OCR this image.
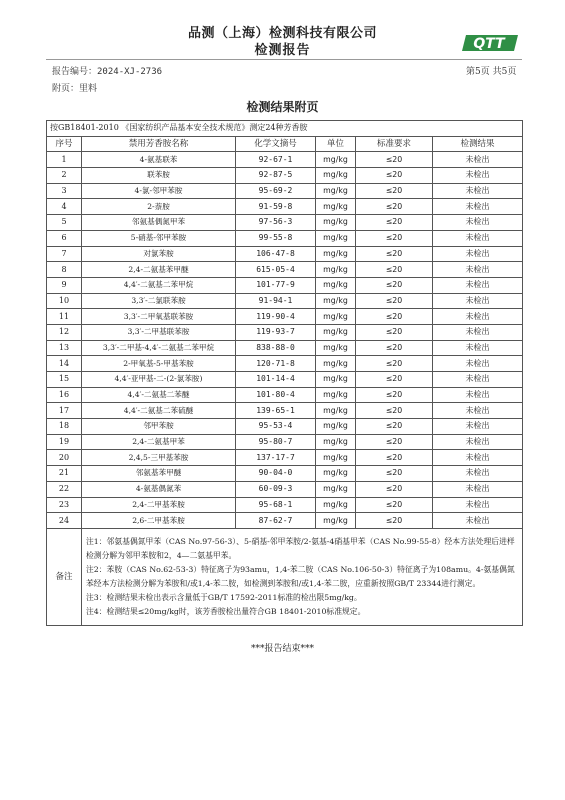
品测（上海）检测科技有限公司
检测报告	QTT
报告编号：2024-XJ-2736	第5页 共5页
附页：里料
检测结果附页
按GB18401-2010 《国家纺织产品基本安全技术规范》测定24种芳香胺					
序号	禁用芳香胺名称	化学文摘号	单位	标准要求	检测结果
1	4-氨基联苯	92-67-1	mg/kg	≤20	未检出
2	联苯胺	92-87-5	mg/kg	≤20	未检出
3	4-氯-邻甲苯胺	95-69-2	mg/kg	≤20	未检出
4	2-萘胺	91-59-8	mg/kg	≤20	未检出
5	邻氨基偶氮甲苯	97-56-3	mg/kg	≤20	未检出
6	5-硝基-邻甲苯胺	99-55-8	mg/kg	≤20	未检出
7	对氯苯胺	106-47-8	mg/kg	≤20	未检出
8	2,4-二氨基苯甲醚	615-05-4	mg/kg	≤20	未检出
9	4,4′-二氨基二苯甲烷	101-77-9	mg/kg	≤20	未检出
10	3,3′-二氯联苯胺	91-94-1	mg/kg	≤20	未检出
11	3,3′-二甲氧基联苯胺	119-90-4	mg/kg	≤20	未检出
12	3,3′-二甲基联苯胺	119-93-7	mg/kg	≤20	未检出
13	3,3′-二甲基-4,4′-二氨基二苯甲烷	838-88-0	mg/kg	≤20	未检出
14	2-甲氧基-5-甲基苯胺	120-71-8	mg/kg	≤20	未检出
15	4,4′-亚甲基-二-(2-氯苯胺)	101-14-4	mg/kg	≤20	未检出
16	4,4′-二氨基二苯醚	101-80-4	mg/kg	≤20	未检出
17	4,4′-二氨基二苯硫醚	139-65-1	mg/kg	≤20	未检出
18	邻甲苯胺	95-53-4	mg/kg	≤20	未检出
19	2,4-二氨基甲苯	95-80-7	mg/kg	≤20	未检出
20	2,4,5-三甲基苯胺	137-17-7	mg/kg	≤20	未检出
21	邻氨基苯甲醚	90-04-0	mg/kg	≤20	未检出
22	4-氨基偶氮苯	60-09-3	mg/kg	≤20	未检出
23	2,4-二甲基苯胺	95-68-1	mg/kg	≤20	未检出
24	2,6-二甲基苯胺	87-62-7	mg/kg	≤20	未检出
备注	注1：邻氨基偶氮甲苯（CAS No.97-56-3）、5-硝基-邻甲苯胺/2-氨基-4硝基甲苯（CAS No.99-55-8）经本方法处理后进样检测分解为邻甲苯胺和2，4—二氨基甲苯。

注2：苯胺（CAS No.62-53-3）特征离子为93amu，1,4-苯二胺（CAS No.106-50-3）特征离子为108amu。4-氨基偶氮苯经本方法检测分解为苯胺和/或1,4-苯二胺，如检测到苯胺和/或1,4-苯二胺，应重新按照GB/T 23344进行测定。

注3：检测结果未检出表示含量低于GB/T 17592-2011标准的检出限5mg/kg。

注4：检测结果≤20mg/kg时，该芳香胺检出量符合GB 18401-2010标准规定。				

***报告结束***
